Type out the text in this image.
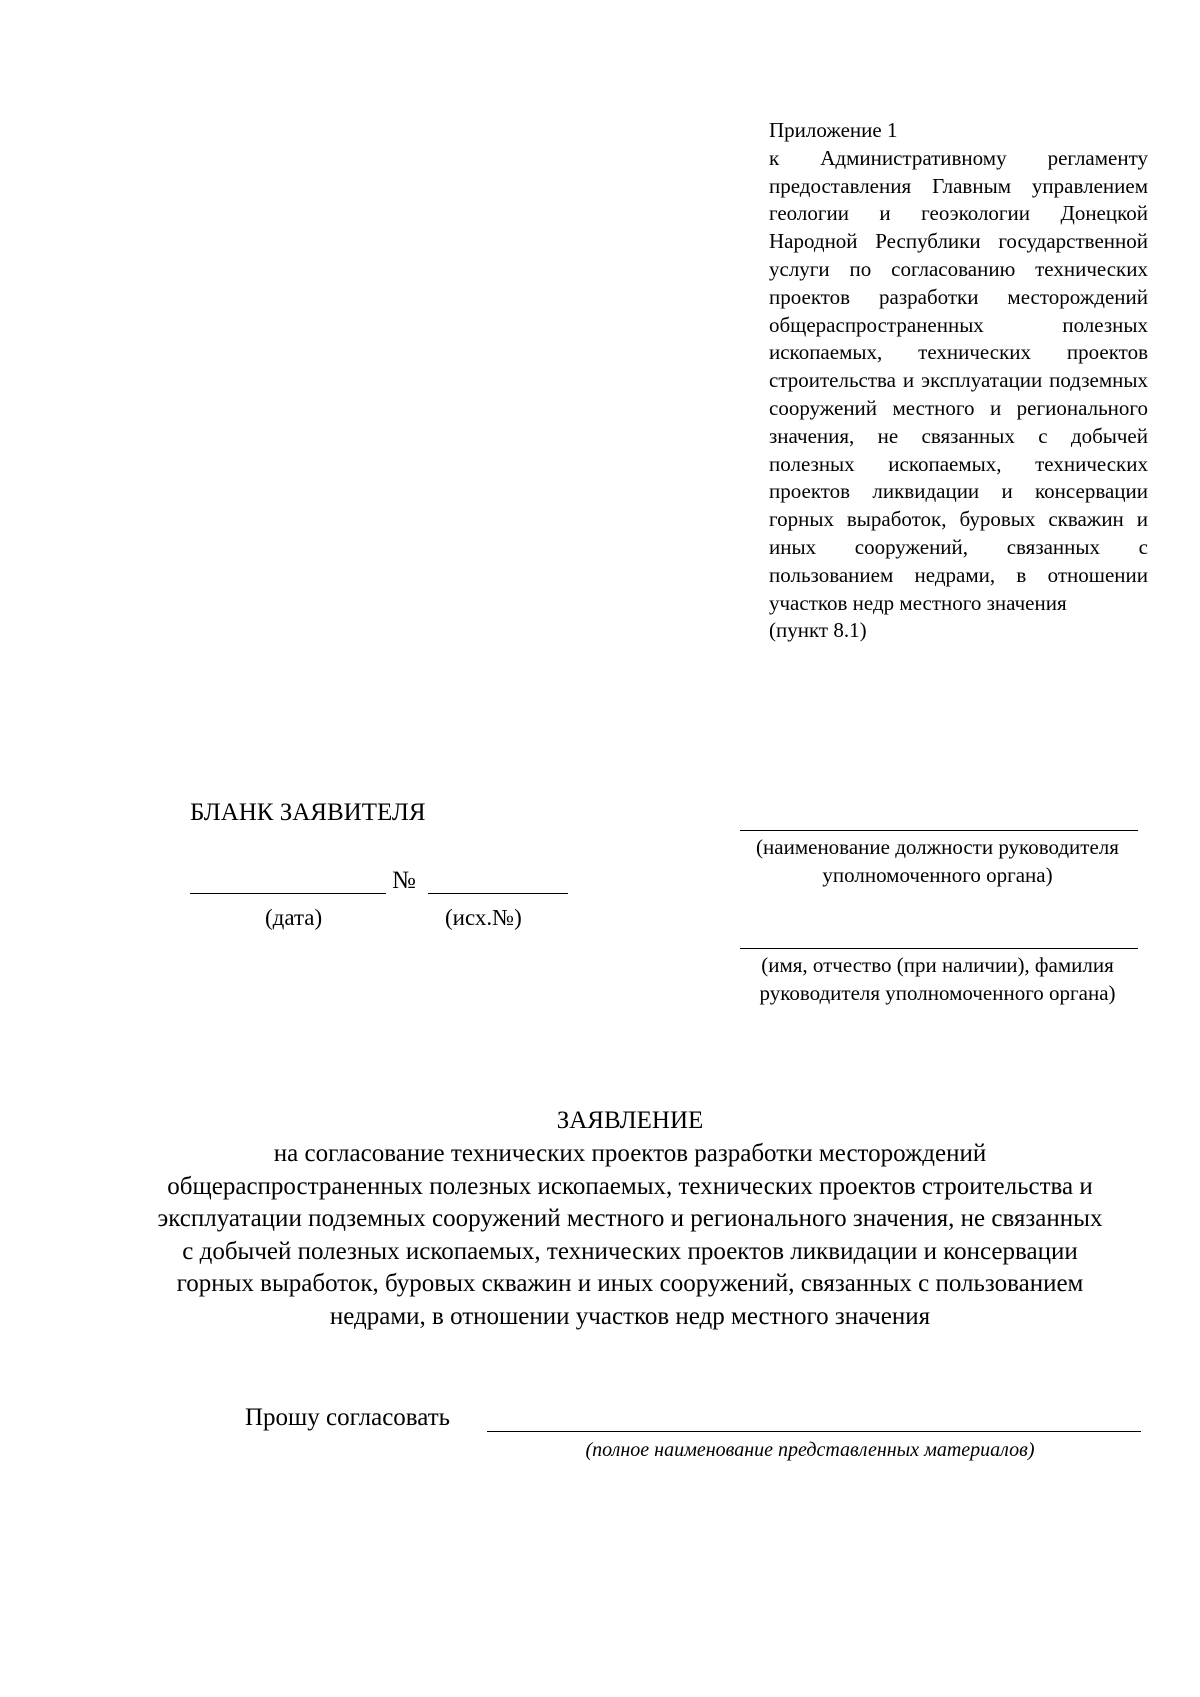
Приложение 1
к Административному регламенту предоставления Главным управлением геологии и геоэкологии Донецкой Народной Республики государственной услуги по согласованию технических проектов разработки месторождений общераспространенных полезных ископаемых, технических проектов строительства и эксплуатации подземных сооружений местного и регионального значения, не связанных с добычей полезных ископаемых, технических проектов ликвидации и консервации горных выработок, буровых скважин и иных сооружений, связанных с пользованием недрами, в отношении участков недр местного значения
(пункт 8.1)
БЛАНК ЗАЯВИТЕЛЯ
№
(дата)	(исх.№)
(наименование должности руководителя уполномоченного органа)
(имя, отчество (при наличии), фамилия руководителя уполномоченного органа)
ЗАЯВЛЕНИЕ
на согласование технических проектов разработки месторождений общераспространенных полезных ископаемых, технических проектов строительства и эксплуатации подземных сооружений местного и регионального значения, не связанных с добычей полезных ископаемых, технических проектов ликвидации и консервации горных выработок, буровых скважин и иных сооружений, связанных с пользованием недрами, в отношении участков недр местного значения
Прошу согласовать
(полное наименование представленных материалов)
